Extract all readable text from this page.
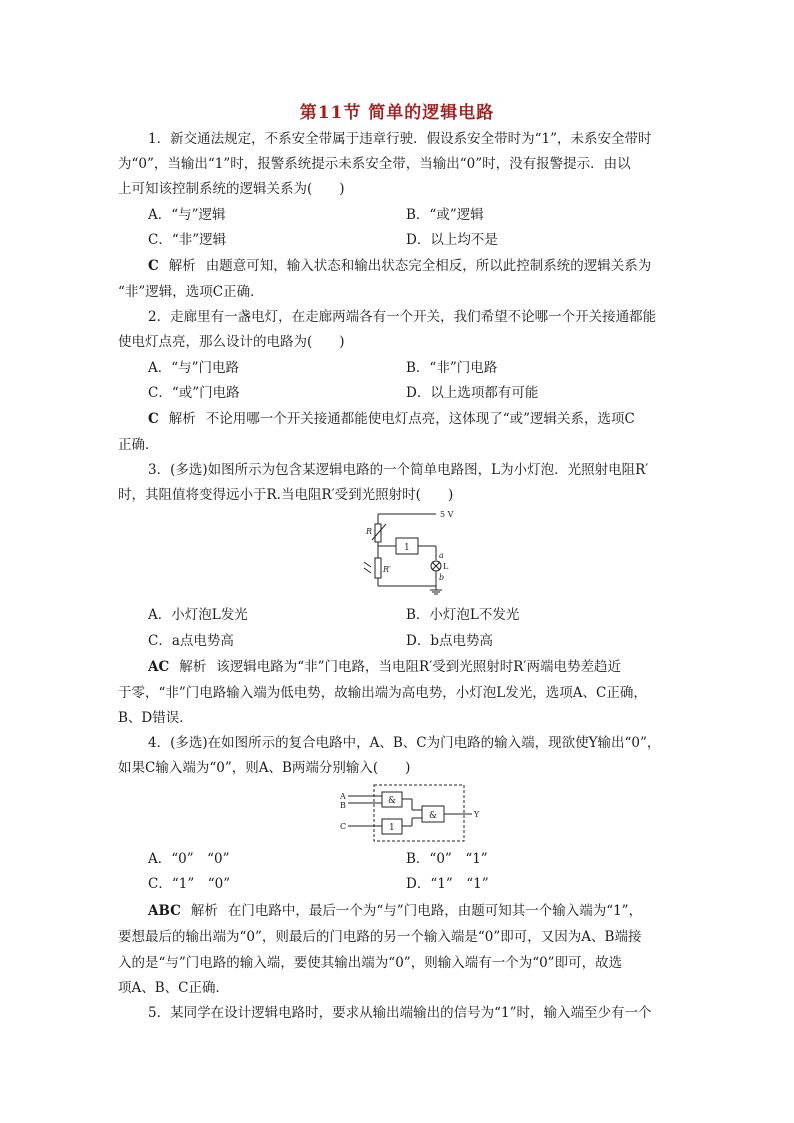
第11节 简单的逻辑电路
1．新交通法规定，不系安全带属于违章行驶．假设系安全带时为“1”，未系安全带时
为“0”，当输出“1”时，报警系统提示未系安全带，当输出“0”时，没有报警提示．由以
上可知该控制系统的逻辑关系为(　　)
A．“与”逻辑	B．“或”逻辑
C．“非”逻辑	D．以上均不是
C 解析 由题意可知，输入状态和输出状态完全相反，所以此控制系统的逻辑关系为
“非”逻辑，选项C正确．
2．走廊里有一盏电灯，在走廊两端各有一个开关，我们希望不论哪一个开关接通都能
使电灯点亮，那么设计的电路为(　　)
A．“与”门电路	B．“非”门电路
C．“或”门电路	D．以上选项都有可能
C 解析 不论用哪一个开关接通都能使电灯点亮，这体现了“或”逻辑关系，选项C
正确．
3．(多选)如图所示为包含某逻辑电路的一个简单电路图，L为小灯泡．光照射电阻R′
时，其阻值将变得远小于R.当电阻R′受到光照射时(　　)
5 V
R
R′
1
a
L
b
A．小灯泡L发光	B．小灯泡L不发光
C．a点电势高	D．b点电势高
AC 解析 该逻辑电路为“非”门电路，当电阻R′受到光照射时R′两端电势差趋近
于零，“非”门电路输入端为低电势，故输出端为高电势，小灯泡L发光，选项A、C正确，
B、D错误．
4．(多选)在如图所示的复合电路中，A、B、C为门电路的输入端，现欲使Y输出“0”，
如果C输入端为“0”，则A、B两端分别输入(　　)
A
B
C
&
1
&	Y
A．“0”　“0”	B．“0”　“1”
C．“1”　“0”	D．“1”　“1”
ABC 解析 在门电路中，最后一个为“与”门电路，由题可知其一个输入端为“1”，
要想最后的输出端为“0”，则最后的门电路的另一个输入端是“0”即可，又因为A、B端接
入的是“与”门电路的输入端，要使其输出端为“0”，则输入端有一个为“0”即可，故选
项A、B、C正确．
5．某同学在设计逻辑电路时，要求从输出端输出的信号为“1”时，输入端至少有一个
